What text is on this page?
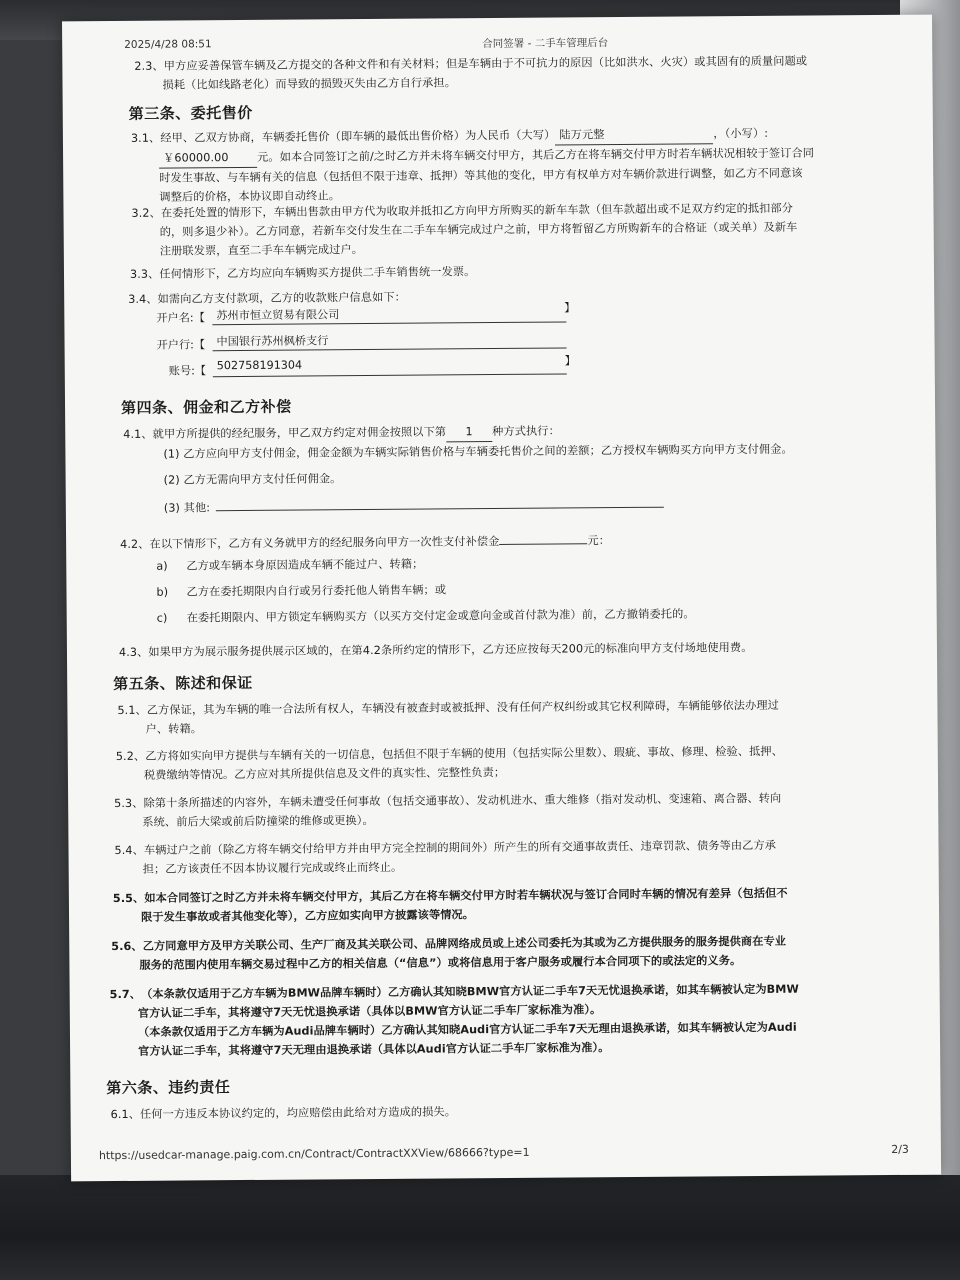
2025/4/28 08:51	合同签署 - 二手车管理后台
2.3、甲方应妥善保管车辆及乙方提交的各种文件和有关材料；但是车辆由于不可抗力的原因（比如洪水、火灾）或其固有的质量问题或
损耗（比如线路老化）而导致的损毁灭失由乙方自行承担。
第三条、委托售价
3.1、经甲、乙双方协商，车辆委托售价（即车辆的最低出售价格）为人民币（大写） 陆万元整	，（小写）:
￥60000.00	元。如本合同签订之前/之时乙方并未将车辆交付甲方，其后乙方在将车辆交付甲方时若车辆状况相较于签订合同
时发生事故、与车辆有关的信息（包括但不限于违章、抵押）等其他的变化，甲方有权单方对车辆价款进行调整，如乙方不同意该
调整后的价格，本协议即自动终止。
3.2、在委托处置的情形下，车辆出售款由甲方代为收取并抵扣乙方向甲方所购买的新车车款（但车款超出或不足双方约定的抵扣部分
的，则多退少补）。乙方同意，若新车交付发生在二手车车辆完成过户之前，甲方将暂留乙方所购新车的合格证（或关单）及新车
注册联发票，直至二手车车辆完成过户。
3.3、任何情形下，乙方均应向车辆购买方提供二手车销售统一发票。
3.4、如需向乙方支付款项，乙方的收款账户信息如下：
开户名:【	苏州市恒立贸易有限公司
】
开户行:【	中国银行苏州枫桥支行
账号:【 502758191304	】
第四条、佣金和乙方补偿
4.1、就甲方所提供的经纪服务，甲乙双方约定对佣金按照以下第 1 种方式执行：
(1) 乙方应向甲方支付佣金，佣金金额为车辆实际销售价格与车辆委托售价之间的差额；乙方授权车辆购买方向甲方支付佣金。
(2) 乙方无需向甲方支付任何佣金。
(3) 其他:
4.2、在以下情形下，乙方有义务就甲方的经纪服务向甲方一次性支付补偿金	元：
a) 乙方或车辆本身原因造成车辆不能过户、转籍；
b) 乙方在委托期限内自行或另行委托他人销售车辆；或
c) 在委托期限内、甲方锁定车辆购买方（以买方交付定金或意向金或首付款为准）前，乙方撤销委托的。
4.3、如果甲方为展示服务提供展示区域的，在第4.2条所约定的情形下，乙方还应按每天200元的标准向甲方支付场地使用费。
第五条、陈述和保证
5.1、乙方保证，其为车辆的唯一合法所有权人，车辆没有被查封或被抵押、没有任何产权纠纷或其它权利障碍，车辆能够依法办理过
户、转籍。
5.2、乙方将如实向甲方提供与车辆有关的一切信息，包括但不限于车辆的使用（包括实际公里数）、瑕疵、事故、修理、检验、抵押、
税费缴纳等情况。乙方应对其所提供信息及文件的真实性、完整性负责；
5.3、除第十条所描述的内容外，车辆未遭受任何事故（包括交通事故）、发动机进水、重大维修（指对发动机、变速箱、离合器、转向
系统、前后大梁或前后防撞梁的维修或更换）。
5.4、车辆过户之前（除乙方将车辆交付给甲方并由甲方完全控制的期间外）所产生的所有交通事故责任、违章罚款、债务等由乙方承
担；乙方该责任不因本协议履行完成或终止而终止。
5.5、如本合同签订之时乙方并未将车辆交付甲方，其后乙方在将车辆交付甲方时若车辆状况与签订合同时车辆的情况有差异（包括但不
限于发生事故或者其他变化等），乙方应如实向甲方披露该等情况。
5.6、乙方同意甲方及甲方关联公司、生产厂商及其关联公司、品牌网络成员或上述公司委托为其或为乙方提供服务的服务提供商在专业
服务的范围内使用车辆交易过程中乙方的相关信息（“信息”）或将信息用于客户服务或履行本合同项下的或法定的义务。
5.7、（本条款仅适用于乙方车辆为BMW品牌车辆时）乙方确认其知晓BMW官方认证二手车7天无忧退换承诺，如其车辆被认定为BMW
官方认证二手车，其将遵守7天无忧退换承诺（具体以BMW官方认证二手车厂家标准为准）。
（本条款仅适用于乙方车辆为Audi品牌车辆时）乙方确认其知晓Audi官方认证二手车7天无理由退换承诺，如其车辆被认定为Audi
官方认证二手车，其将遵守7天无理由退换承诺（具体以Audi官方认证二手车厂家标准为准）。
第六条、违约责任
6.1、任何一方违反本协议约定的，均应赔偿由此给对方造成的损失。
https://usedcar-manage.paig.com.cn/Contract/ContractXXView/68666?type=1	2/3
